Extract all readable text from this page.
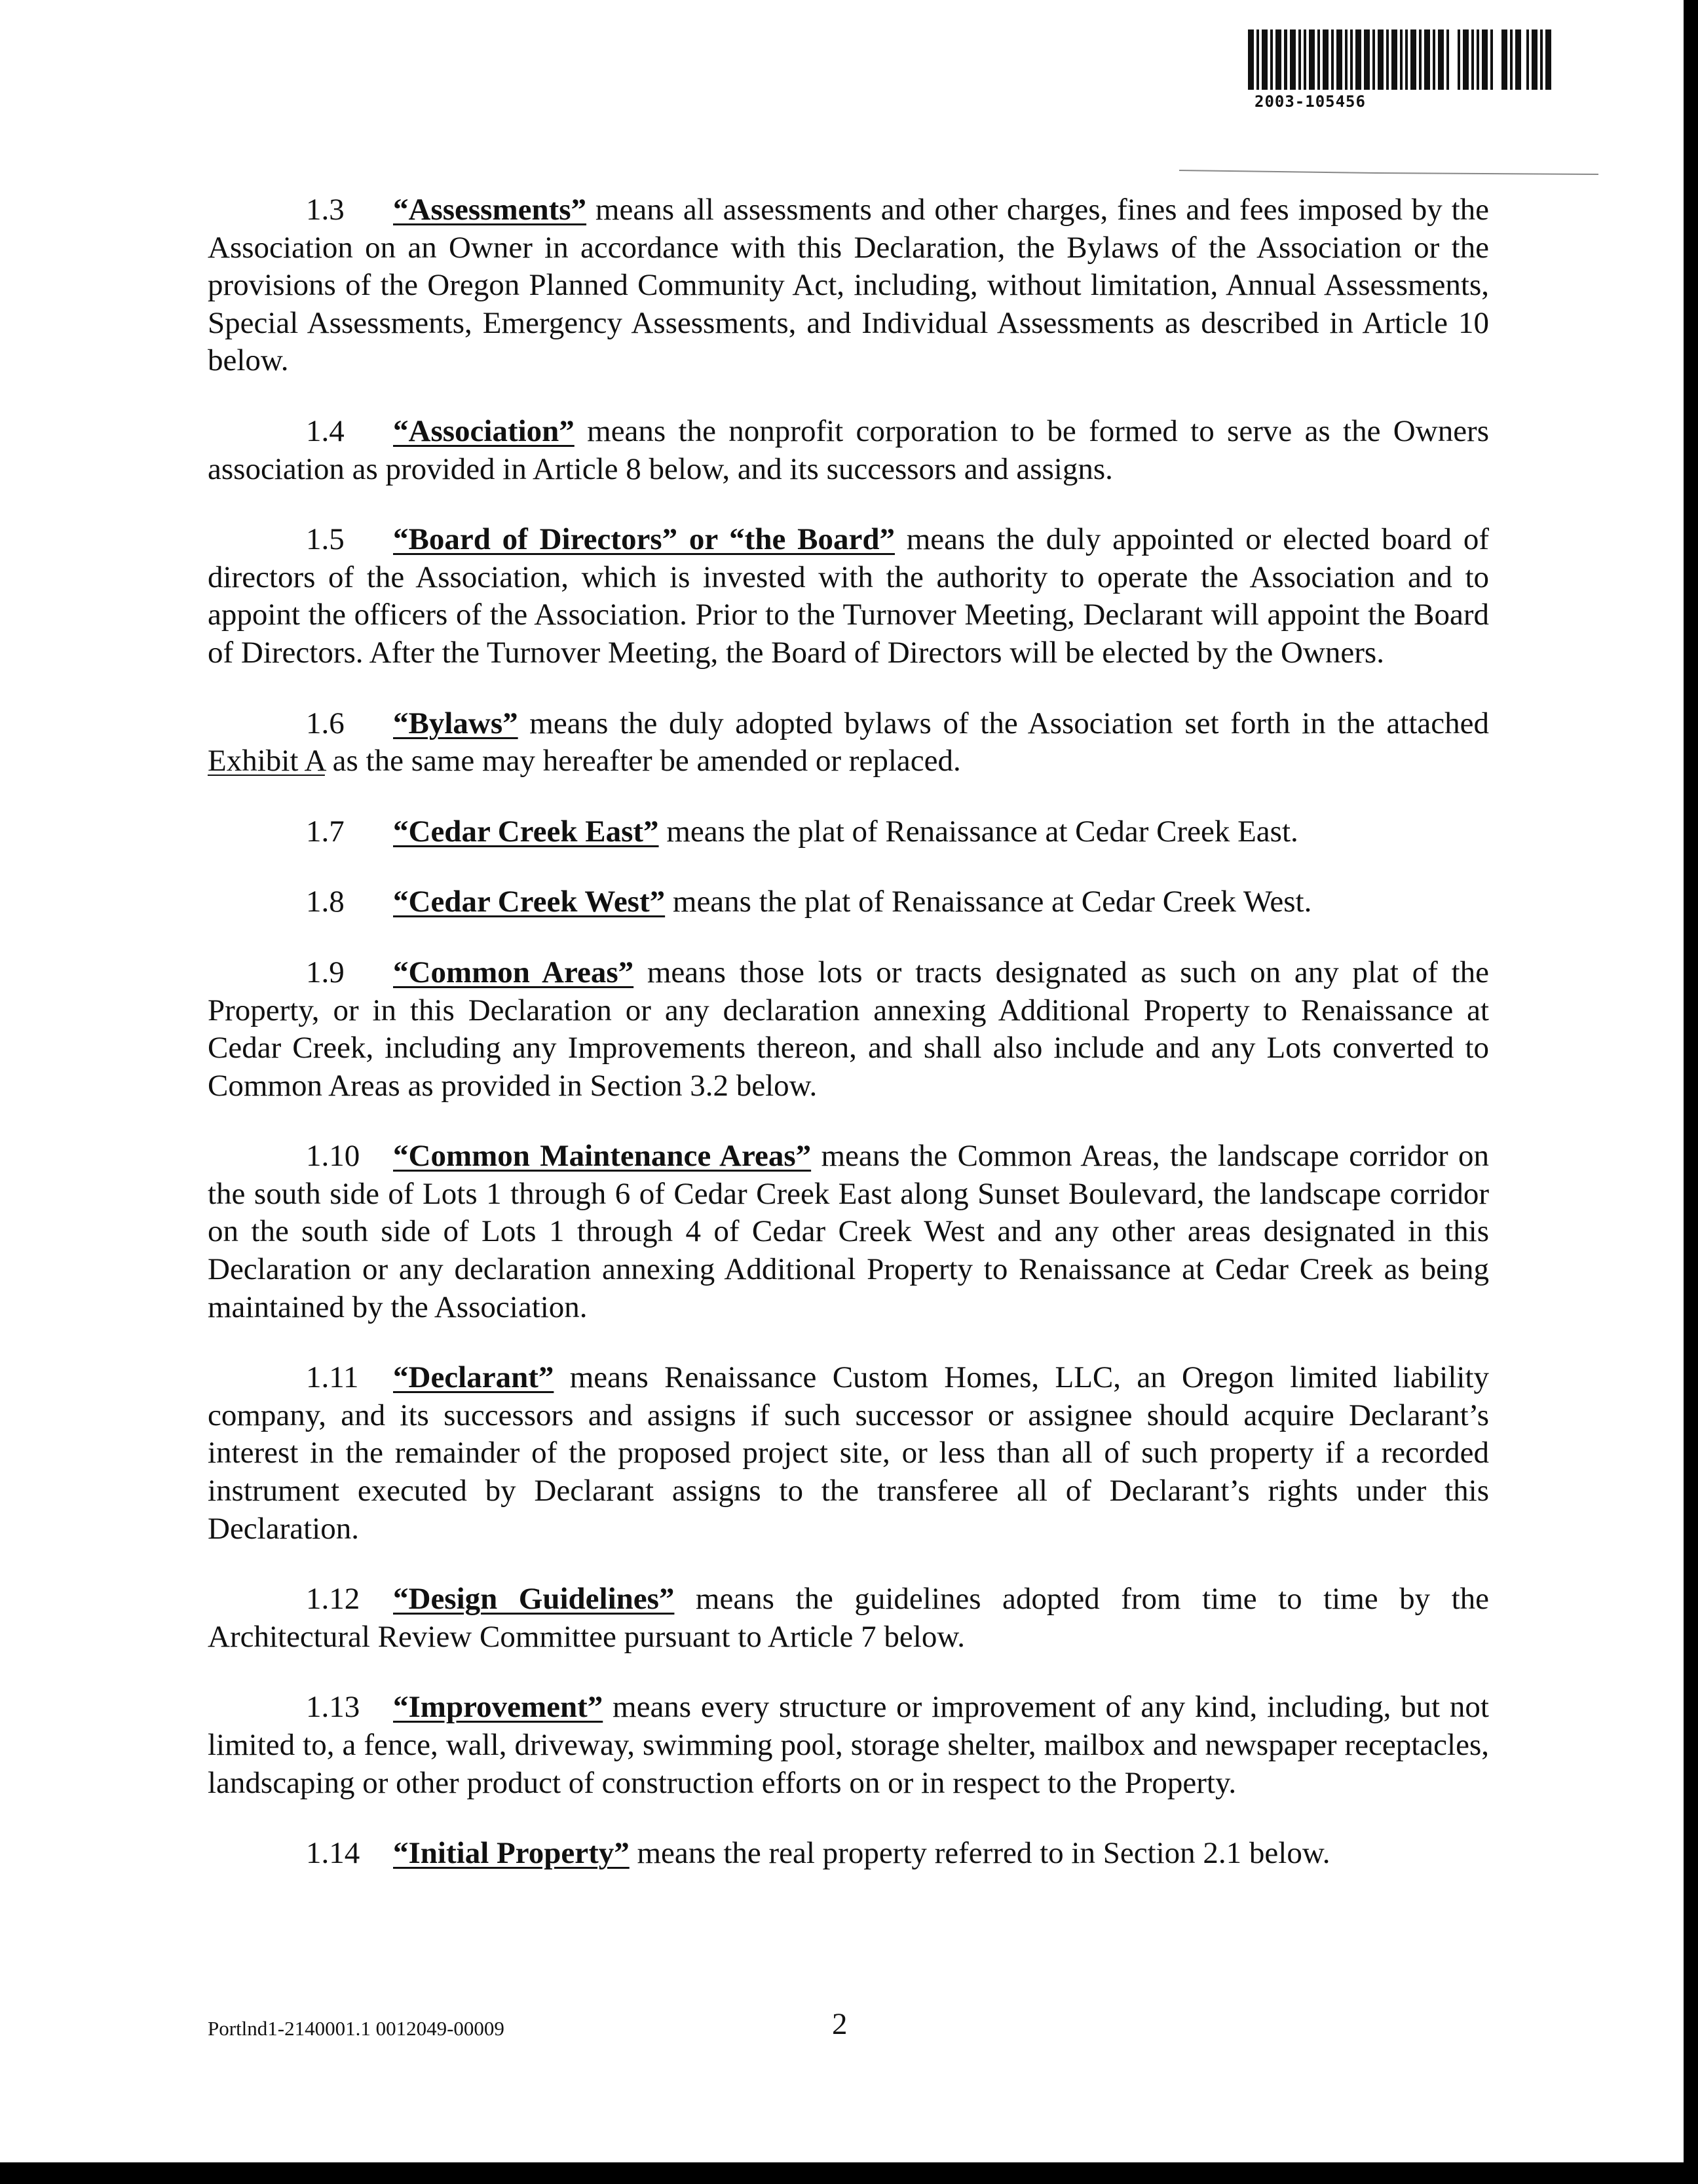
2003-105456

1.3 “Assessments” means all assessments and other charges, fines and fees imposed by the Association on an Owner in accordance with this Declaration, the Bylaws of the Association or the provisions of the Oregon Planned Community Act, including, without limitation, Annual Assessments, Special Assessments, Emergency Assessments, and Individual Assessments as described in Article 10 below.

1.4 “Association” means the nonprofit corporation to be formed to serve as the Owners association as provided in Article 8 below, and its successors and assigns.

1.5 “Board of Directors” or “the Board” means the duly appointed or elected board of directors of the Association, which is invested with the authority to operate the Association and to appoint the officers of the Association. Prior to the Turnover Meeting, Declarant will appoint the Board of Directors. After the Turnover Meeting, the Board of Directors will be elected by the Owners.

1.6 “Bylaws” means the duly adopted bylaws of the Association set forth in the attached Exhibit A as the same may hereafter be amended or replaced.

1.7 “Cedar Creek East” means the plat of Renaissance at Cedar Creek East.

1.8 “Cedar Creek West” means the plat of Renaissance at Cedar Creek West.

1.9 “Common Areas” means those lots or tracts designated as such on any plat of the Property, or in this Declaration or any declaration annexing Additional Property to Renaissance at Cedar Creek, including any Improvements thereon, and shall also include and any Lots converted to Common Areas as provided in Section 3.2 below.

1.10 “Common Maintenance Areas” means the Common Areas, the landscape corridor on the south side of Lots 1 through 6 of Cedar Creek East along Sunset Boulevard, the landscape corridor on the south side of Lots 1 through 4 of Cedar Creek West and any other areas designated in this Declaration or any declaration annexing Additional Property to Renaissance at Cedar Creek as being maintained by the Association.

1.11 “Declarant” means Renaissance Custom Homes, LLC, an Oregon limited liability company, and its successors and assigns if such successor or assignee should acquire Declarant’s interest in the remainder of the proposed project site, or less than all of such property if a recorded instrument executed by Declarant assigns to the transferee all of Declarant’s rights under this Declaration.

1.12 “Design Guidelines” means the guidelines adopted from time to time by the Architectural Review Committee pursuant to Article 7 below.

1.13 “Improvement” means every structure or improvement of any kind, including, but not limited to, a fence, wall, driveway, swimming pool, storage shelter, mailbox and newspaper receptacles, landscaping or other product of construction efforts on or in respect to the Property.

1.14 “Initial Property” means the real property referred to in Section 2.1 below.

Portlnd1-2140001.1 0012049-00009	2
